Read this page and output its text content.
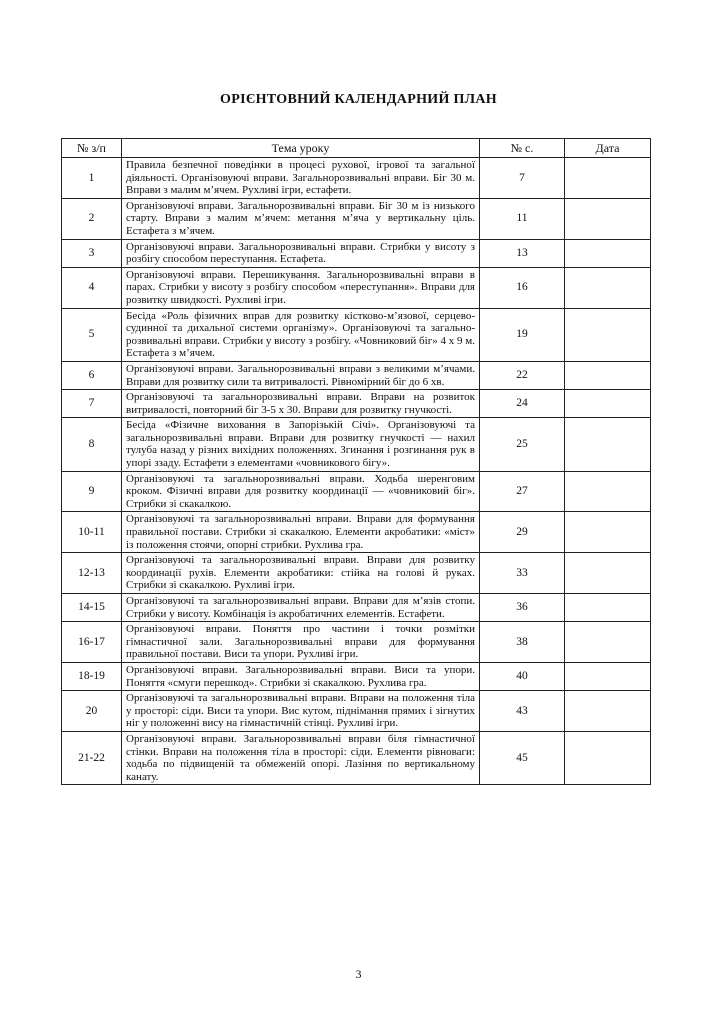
ОРІЄНТОВНИЙ КАЛЕНДАРНИЙ ПЛАН
№ з/п	Тема уроку	№ с.	Дата
1	Правила безпечної поведінки в процесі рухової, ігрової та загальної діяльності. Організовуючі вправи. Загальнорозвивальні вправи. Біг 30 м. Вправи з малим м’ячем. Рухливі ігри, естафети.	7	
2	Організовуючі вправи. Загальнорозвивальні вправи. Біг 30 м із низького старту. Вправи з малим м’ячем: метання м’яча у вертикальну ціль. Естафета з м’ячем.	11	
3	Організовуючі вправи. Загальнорозвивальні вправи. Стрибки у висоту з розбігу способом переступання. Естафета.	13	
4	Організовуючі вправи. Перешикування. Загальнорозвивальні вправи в парах. Стрибки у висоту з розбігу способом «переступання». Вправи для розвитку швидкості. Рухливі ігри.	16	
5	Бесіда «Роль фізичних вправ для розвитку кістково-м’язової, серцево-судинної та дихальної системи організму». Організовуючі та загально-розвивальні вправи. Стрибки у висоту з розбігу. «Човниковий біг» 4 х 9 м. Естафета з м’ячем.	19	
6	Організовуючі вправи. Загальнорозвивальні вправи з великими м’ячами. Вправи для розвитку сили та витривалості. Рівномірний біг до 6 хв.	22	
7	Організовуючі та загальнорозвивальні вправи. Вправи на розвиток витривалості, повторний біг 3-5 х 30. Вправи для розвитку гнучкості.	24	
8	Бесіда «Фізичне виховання в Запорізькій Січі». Організовуючі та загальнорозвивальні вправи. Вправи для розвитку гнучкості — нахил тулуба назад у різних вихідних положеннях. Згинання і розгинання рук в упорі ззаду. Естафети з елементами «човникового бігу».	25	
9	Організовуючі та загальнорозвивальні вправи. Ходьба шеренговим кроком. Фізичні вправи для розвитку координації — «човниковий біг». Стрибки зі скакалкою.	27	
10-11	Організовуючі та загальнорозвивальні вправи. Вправи для формування правильної постави. Стрибки зі скакалкою. Елементи акробатики: «міст» із положення стоячи, опорні стрибки. Рухлива гра.	29	
12-13	Організовуючі та загальнорозвивальні вправи. Вправи для розвитку координації рухів. Елементи акробатики: стійка на голові й руках. Стрибки зі скакалкою. Рухливі ігри.	33	
14-15	Організовуючі та загальнорозвивальні вправи. Вправи для м’язів стопи. Стрибки у висоту. Комбінація із акробатичних елементів. Естафети.	36	
16-17	Організовуючі вправи. Поняття про частини і точки розмітки гімнастичної зали. Загальнорозвивальні вправи для формування правильної постави. Виси та упори. Рухливі ігри.	38	
18-19	Організовуючі вправи. Загальнорозвивальні вправи. Виси та упори. Поняття «смуги перешкод». Стрибки зі скакалкою. Рухлива гра.	40	
20	Організовуючі та загальнорозвивальні вправи. Вправи на положення тіла у просторі: сіди. Виси та упори. Вис кутом, піднімання прямих і зігнутих ніг у положенні вису на гімнастичній стінці. Рухливі ігри.	43	
21-22	Організовуючі вправи. Загальнорозвивальні вправи біля гімнастичної стінки. Вправи на положення тіла в просторі: сіди. Елементи рівноваги: ходьба по підвищеній та обмеженій опорі. Лазіння по вертикальному канату.	45	
3
